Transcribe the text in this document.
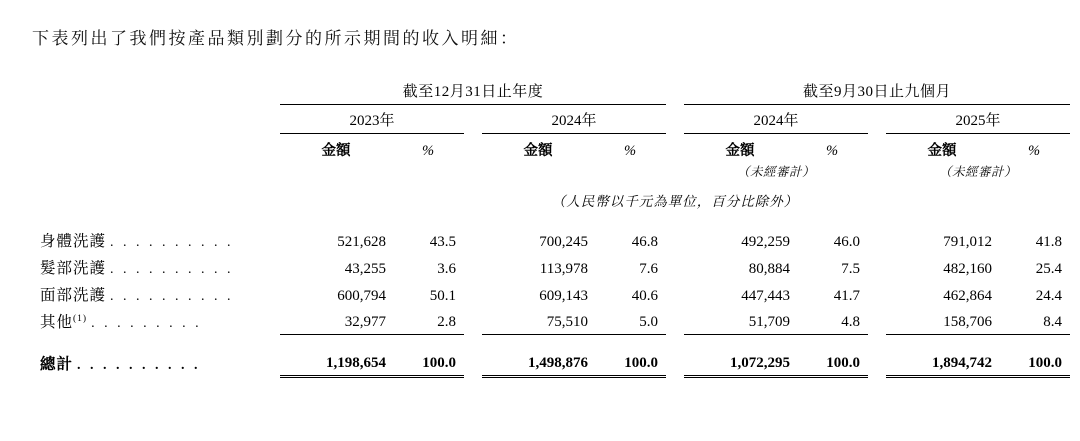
下表列出了我們按產品類別劃分的所示期間的收入明細：
	截至12月31日止年度						截至9月30日止九個月				
	2023年			2024年			2024年			2025年	
	金額	%		金額	%		金額	%		金額	%
							（未經審計）			（未經審計）	
	（人民幣以千元為單位，百分比除外）										
身體洗護 . . . . . . . . . .	521,628	43.5		700,245	46.8		492,259	46.0		791,012	41.8
髮部洗護 . . . . . . . . . .	43,255	3.6		113,978	7.6		80,884	7.5		482,160	25.4
面部洗護 . . . . . . . . . .	600,794	50.1		609,143	40.6		447,443	41.7		462,864	24.4
其他$^{(1)}$ . . . . . . . . .	32,977	2.8		75,510	5.0		51,709	4.8		158,706	8.4

總計 . . . . . . . . . .	1,198,654	100.0		1,498,876	100.0		1,072,295	100.0		1,894,742	100.0
